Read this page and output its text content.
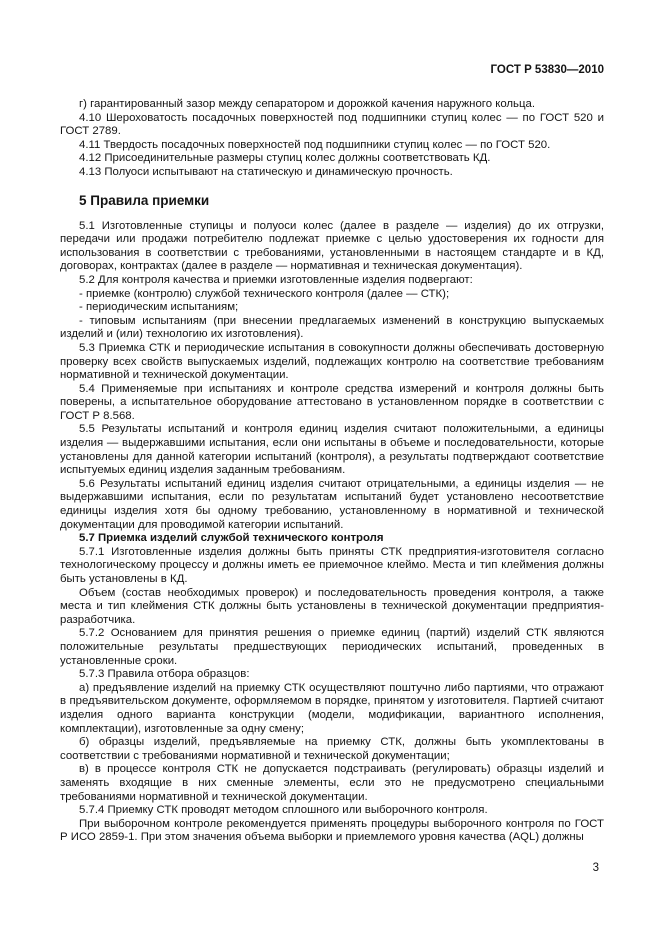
ГОСТ Р 53830—2010

г) гарантированный зазор между сепаратором и дорожкой качения наружного кольца.

4.10 Шероховатость посадочных поверхностей под подшипники ступиц колес — по ГОСТ 520 и ГОСТ 2789.

4.11 Твердость посадочных поверхностей под подшипники ступиц колес — по ГОСТ 520.

4.12 Присоединительные размеры ступиц колес должны соответствовать КД.

4.13 Полуоси испытывают на статическую и динамическую прочность.

5 Правила приемки

5.1 Изготовленные ступицы и полуоси колес (далее в разделе — изделия) до их отгрузки, передачи или продажи потребителю подлежат приемке с целью удостоверения их годности для использования в соответствии с требованиями, установленными в настоящем стандарте и в КД, договорах, контрактах (далее в разделе — нормативная и техническая документация).

5.2 Для контроля качества и приемки изготовленные изделия подвергают:

- приемке (контролю) службой технического контроля (далее — СТК);

- периодическим испытаниям;

- типовым испытаниям (при внесении предлагаемых изменений в конструкцию выпускаемых изделий и (или) технологию их изготовления).

5.3 Приемка СТК и периодические испытания в совокупности должны обеспечивать достоверную проверку всех свойств выпускаемых изделий, подлежащих контролю на соответствие требованиям нормативной и технической документации.

5.4 Применяемые при испытаниях и контроле средства измерений и контроля должны быть поверены, а испытательное оборудование аттестовано в установленном порядке в соответствии с ГОСТ Р 8.568.

5.5 Результаты испытаний и контроля единиц изделия считают положительными, а единицы изделия — выдержавшими испытания, если они испытаны в объеме и последовательности, которые установлены для данной категории испытаний (контроля), а результаты подтверждают соответствие испытуемых единиц изделия заданным требованиям.

5.6 Результаты испытаний единиц изделия считают отрицательными, а единицы изделия — не выдержавшими испытания, если по результатам испытаний будет установлено несоответствие единицы изделия хотя бы одному требованию, установленному в нормативной и технической документации для проводимой категории испытаний.

5.7 Приемка изделий службой технического контроля

5.7.1 Изготовленные изделия должны быть приняты СТК предприятия-изготовителя согласно технологическому процессу и должны иметь ее приемочное клеймо. Места и тип клеймения должны быть установлены в КД.

Объем (состав необходимых проверок) и последовательность проведения контроля, а также места и тип клеймения СТК должны быть установлены в технической документации предприятия-разработчика.

5.7.2 Основанием для принятия решения о приемке единиц (партий) изделий СТК являются положительные результаты предшествующих периодических испытаний, проведенных в установленные сроки.

5.7.3 Правила отбора образцов:

а) предъявление изделий на приемку СТК осуществляют поштучно либо партиями, что отражают в предъявительском документе, оформляемом в порядке, принятом у изготовителя. Партией считают изделия одного варианта конструкции (модели, модификации, вариантного исполнения, комплектации), изготовленные за одну смену;

б) образцы изделий, предъявляемые на приемку СТК, должны быть укомплектованы в соответствии с требованиями нормативной и технической документации;

в) в процессе контроля СТК не допускается подстраивать (регулировать) образцы изделий и заменять входящие в них сменные элементы, если это не предусмотрено специальными требованиями нормативной и технической документации.

5.7.4 Приемку СТК проводят методом сплошного или выборочного контроля.

При выборочном контроле рекомендуется применять процедуры выборочного контроля по ГОСТ Р ИСО 2859-1. При этом значения объема выборки и приемлемого уровня качества (AQL) должны

3
